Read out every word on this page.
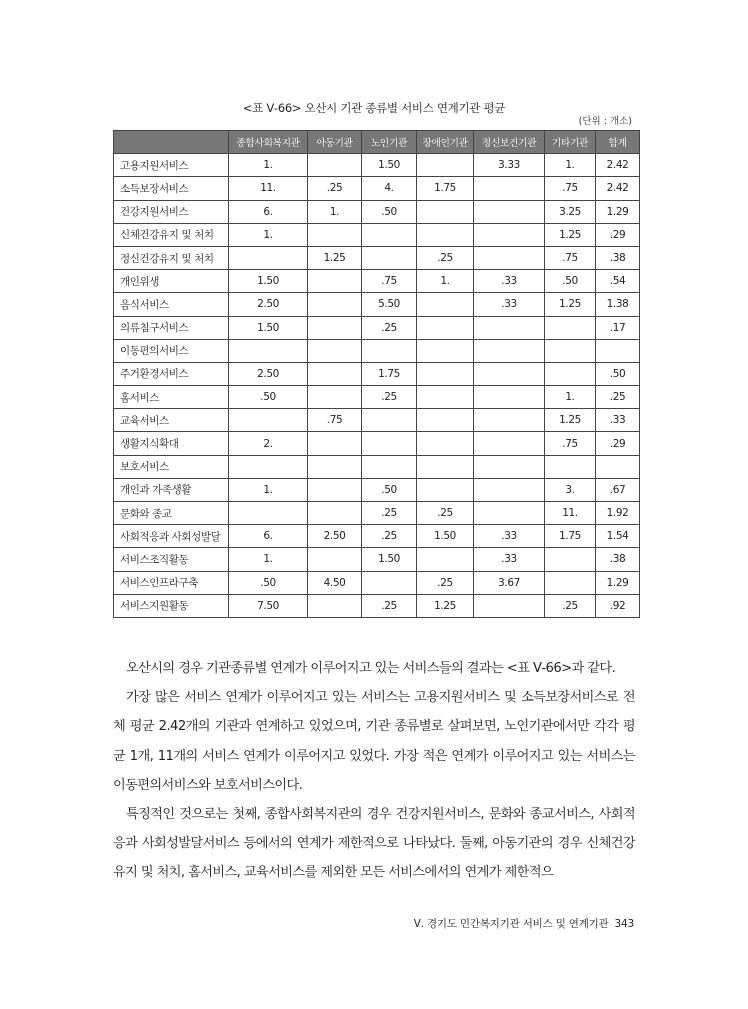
<표 Ⅴ-66> 오산시 기관 종류별 서비스 연계기관 평균
(단위 : 개소)
	종합사회복지관	아동기관	노인기관	장애인기관	정신보건기관	기타기관	합계
고용지원서비스	1.		1.50		3.33	1.	2.42
소득보장서비스	11.	.25	4.	1.75		.75	2.42
건강지원서비스	6.	1.	.50			3.25	1.29
신체건강유지 및 처치	1.					1.25	.29
정신건강유지 및 처치		1.25		.25		.75	.38
개인위생	1.50		.75	1.	.33	.50	.54
음식서비스	2.50		5.50		.33	1.25	1.38
의류침구서비스	1.50		.25				.17
이동편의서비스							
주거환경서비스	2.50		1.75				.50
홈서비스	.50		.25			1.	.25
교육서비스		.75				1.25	.33
생활지식확대	2.					.75	.29
보호서비스							
개인과 가족생활	1.		.50			3.	.67
문화와 종교			.25	.25		11.	1.92
사회적응과 사회성발달	6.	2.50	.25	1.50	.33	1.75	1.54
서비스조직활동	1.		1.50		.33		.38
서비스인프라구축	.50	4.50		.25	3.67		1.29
서비스지원활동	7.50		.25	1.25		.25	.92

오산시의 경우 기관종류별 연계가 이루어지고 있는 서비스들의 결과는 <표 Ⅴ-66>과 같다.

가장 많은 서비스 연계가 이루어지고 있는 서비스는 고용지원서비스 및 소득보장서비스로 전체 평균 2.42개의 기관과 연계하고 있었으며, 기관 종류별로 살펴보면, 노인기관에서만 각각 평균 1개, 11개의 서비스 연계가 이루어지고 있었다. 가장 적은 연계가 이루어지고 있는 서비스는 이동편의서비스와 보호서비스이다.

특징적인 것으로는 첫째, 종합사회복지관의 경우 건강지원서비스, 문화와 종교서비스, 사회적응과 사회성발달서비스 등에서의 연계가 제한적으로 나타났다. 둘째, 아동기관의 경우 신체건강유지 및 처치, 홈서비스, 교육서비스를 제외한 모든 서비스에서의 연계가 제한적으

Ⅴ. 경기도 민간복지기관 서비스 및 연계기관 343
